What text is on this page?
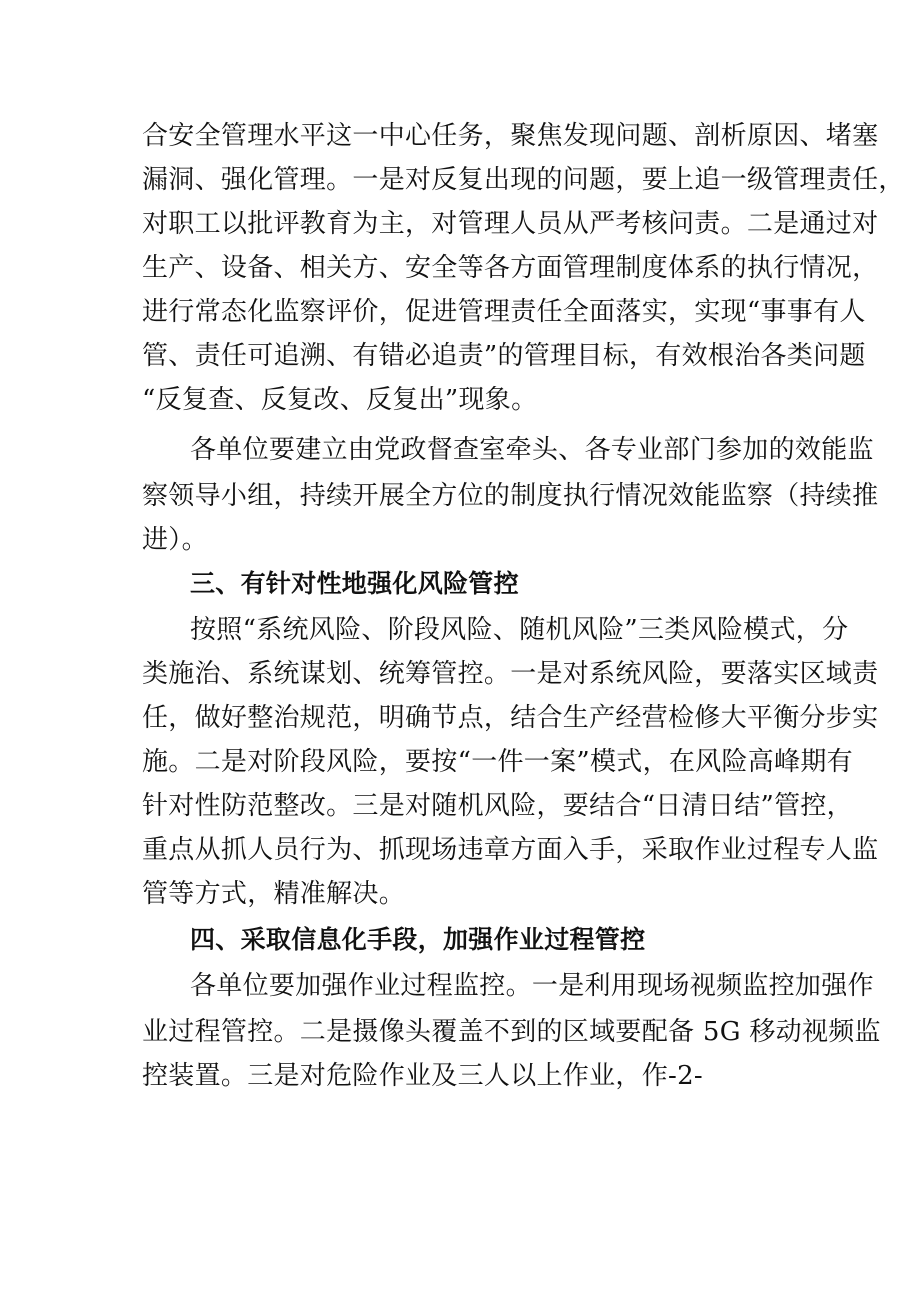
合安全管理水平这一中心任务，聚焦发现问题、剖析原因、堵塞
漏洞、强化管理。一是对反复出现的问题，要上追一级管理责任，
对职工以批评教育为主，对管理人员从严考核问责。二是通过对
生产、设备、相关方、安全等各方面管理制度体系的执行情况，
进行常态化监察评价，促进管理责任全面落实，实现“事事有人
管、责任可追溯、有错必追责”的管理目标，有效根治各类问题
“反复查、反复改、反复出”现象。
各单位要建立由党政督查室牵头、各专业部门参加的效能监
察领导小组，持续开展全方位的制度执行情况效能监察（持续推
进）。
三、有针对性地强化风险管控
按照“系统风险、阶段风险、随机风险”三类风险模式，分
类施治、系统谋划、统筹管控。一是对系统风险，要落实区域责
任，做好整治规范，明确节点，结合生产经营检修大平衡分步实
施。二是对阶段风险，要按“一件一案”模式，在风险高峰期有
针对性防范整改。三是对随机风险，要结合“日清日结”管控，
重点从抓人员行为、抓现场违章方面入手，采取作业过程专人监
管等方式，精准解决。
四、采取信息化手段，加强作业过程管控
各单位要加强作业过程监控。一是利用现场视频监控加强作
业过程管控。二是摄像头覆盖不到的区域要配备 5G 移动视频监
控装置。三是对危险作业及三人以上作业，作-2-
